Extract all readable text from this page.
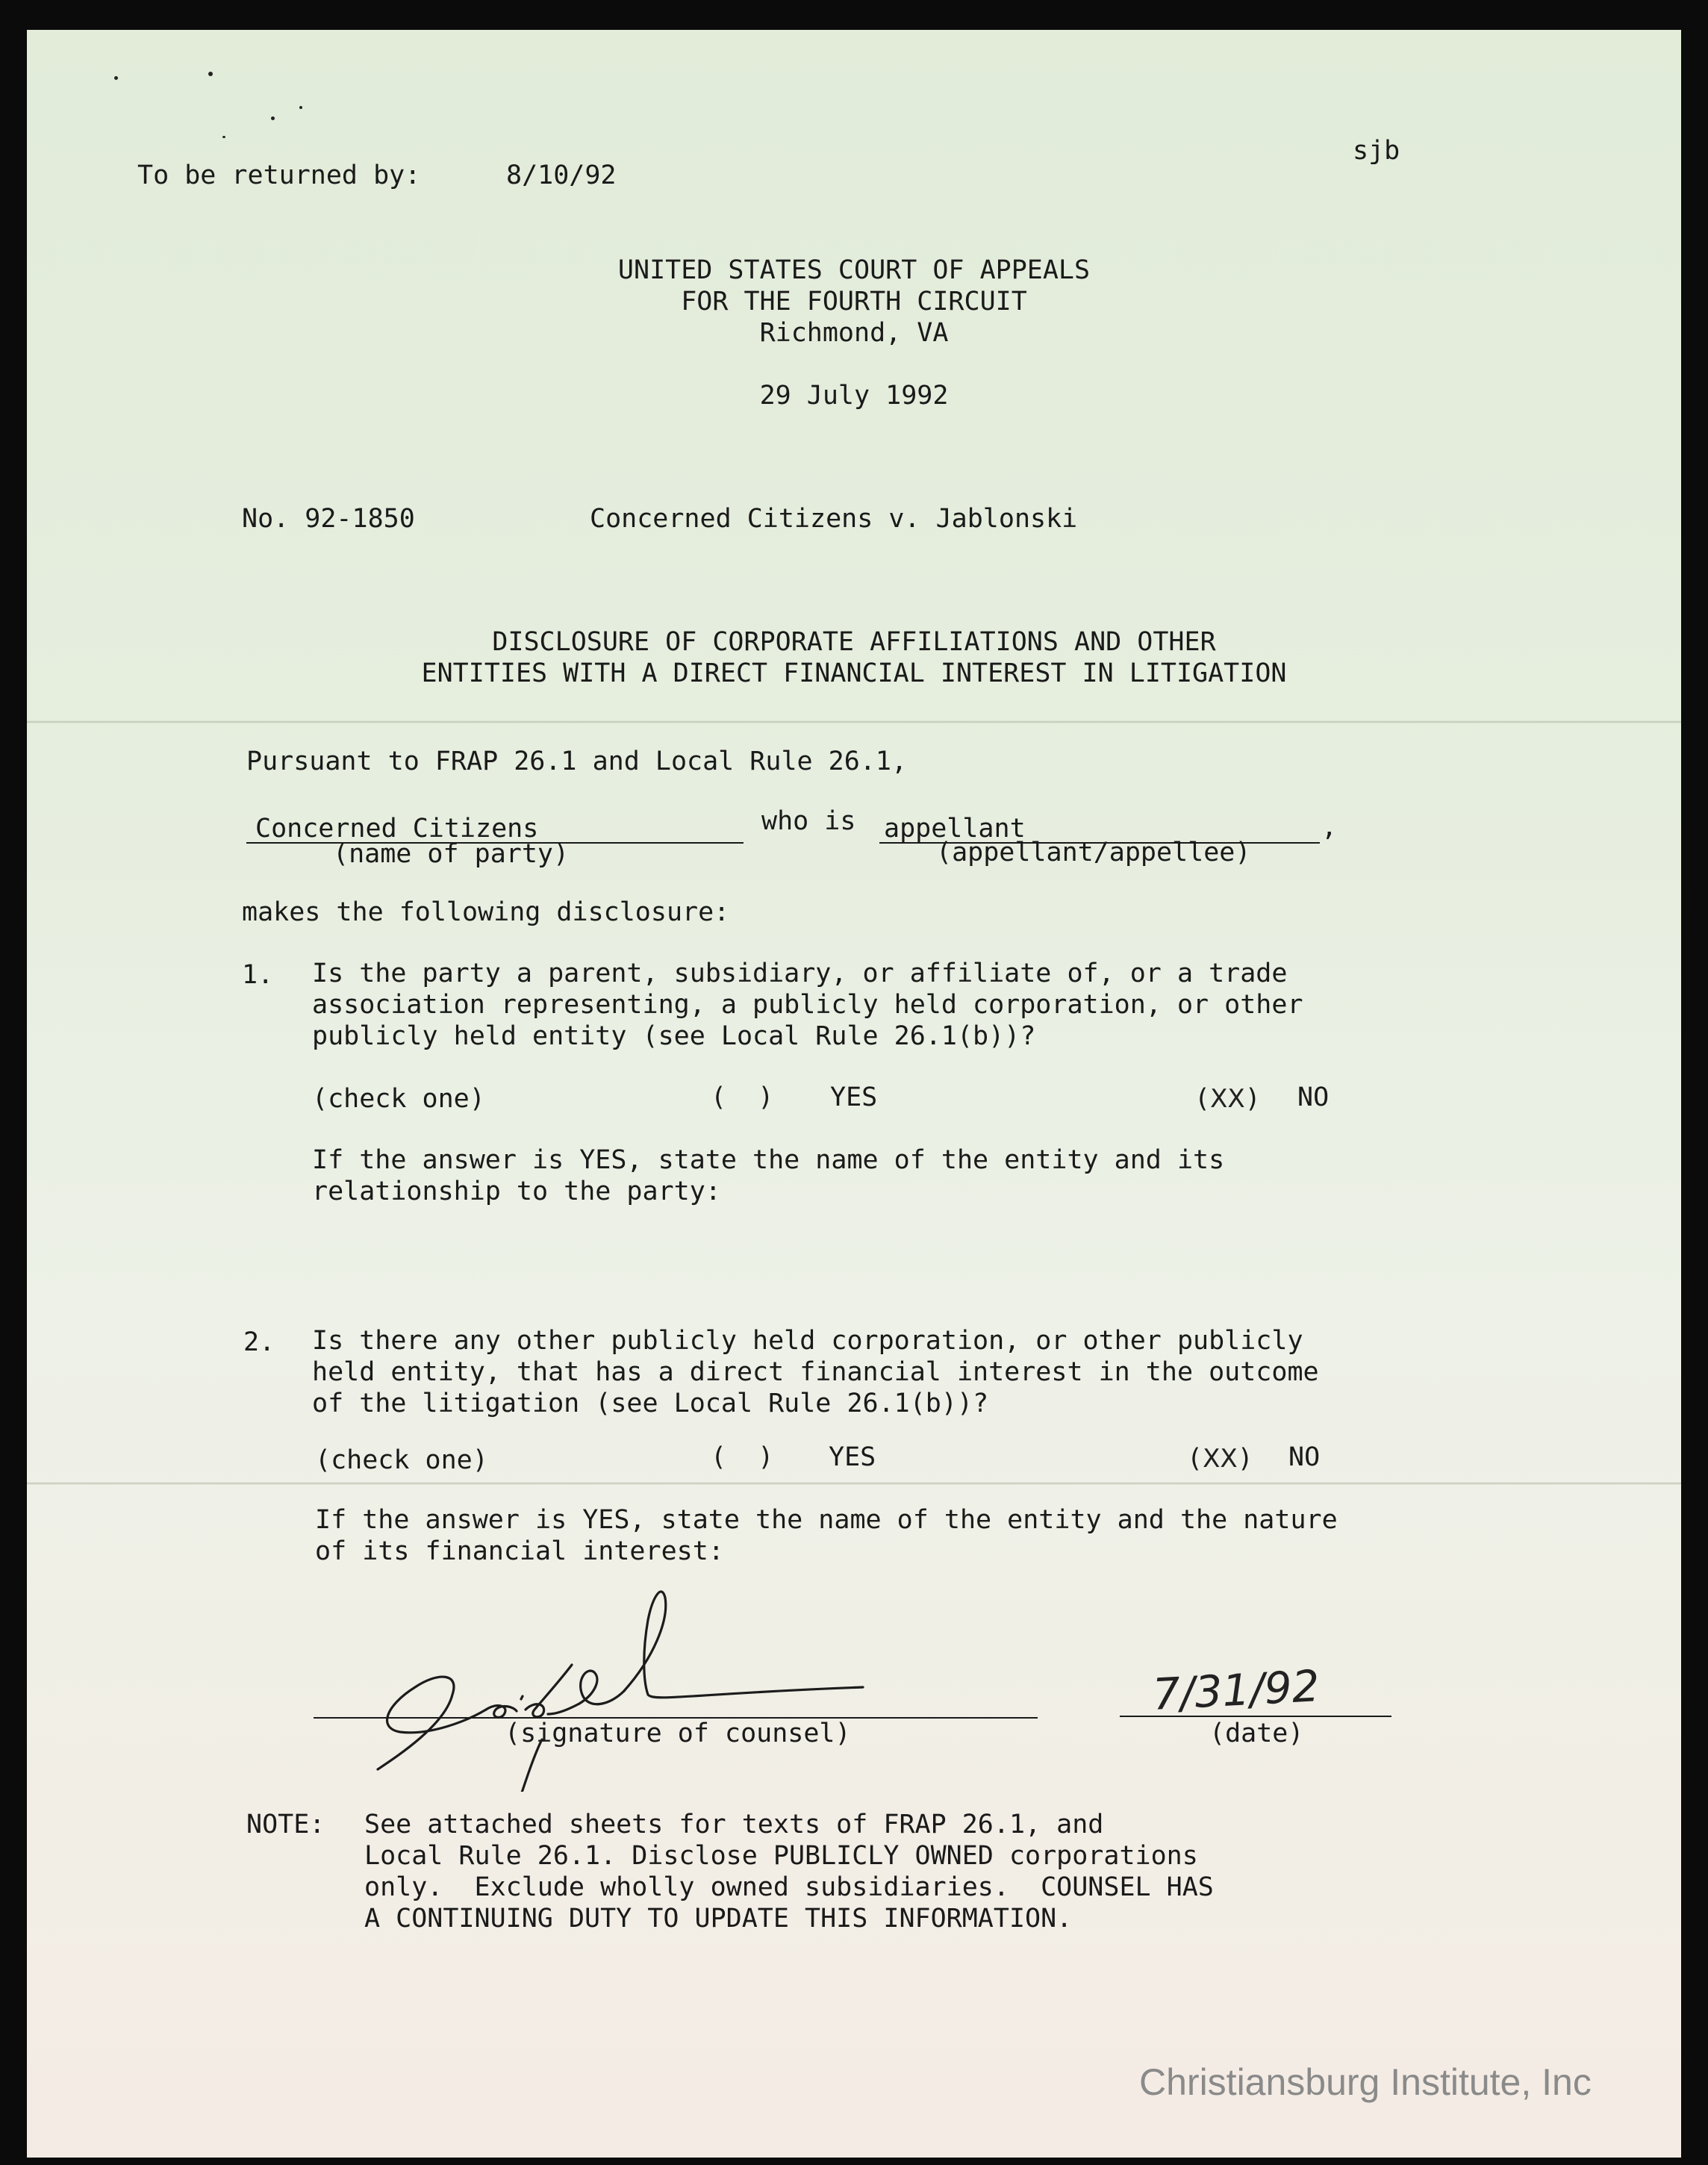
sjb
To be returned by:	8/10/92
UNITED STATES COURT OF APPEALS
FOR THE FOURTH CIRCUIT
Richmond, VA
29 July 1992
No. 92-1850	Concerned Citizens v. Jablonski
DISCLOSURE OF CORPORATE AFFILIATIONS AND OTHER
ENTITIES WITH A DIRECT FINANCIAL INTEREST IN LITIGATION
Pursuant to FRAP 26.1 and Local Rule 26.1,
Concerned Citizens	who is appellant	,
(name of party)	(appellant/appellee)
makes the following disclosure:
1. Is the party a parent, subsidiary, or affiliate of, or a trade
association representing, a publicly held corporation, or other
publicly held entity (see Local Rule 26.1(b))?
(check one)	(  ) YES	(XX) NO
If the answer is YES, state the name of the entity and its
relationship to the party:
2. Is there any other publicly held corporation, or other publicly
held entity, that has a direct financial interest in the outcome
of the litigation (see Local Rule 26.1(b))?
(check one)	(  ) YES	(XX) NO
If the answer is YES, state the name of the entity and the nature
of its financial interest:
(signature of counsel)
7/31/92
(date)
NOTE: See attached sheets for texts of FRAP 26.1, and
Local Rule 26.1. Disclose PUBLICLY OWNED corporations
only.  Exclude wholly owned subsidiaries.  COUNSEL HAS
A CONTINUING DUTY TO UPDATE THIS INFORMATION.
Christiansburg Institute, Inc
